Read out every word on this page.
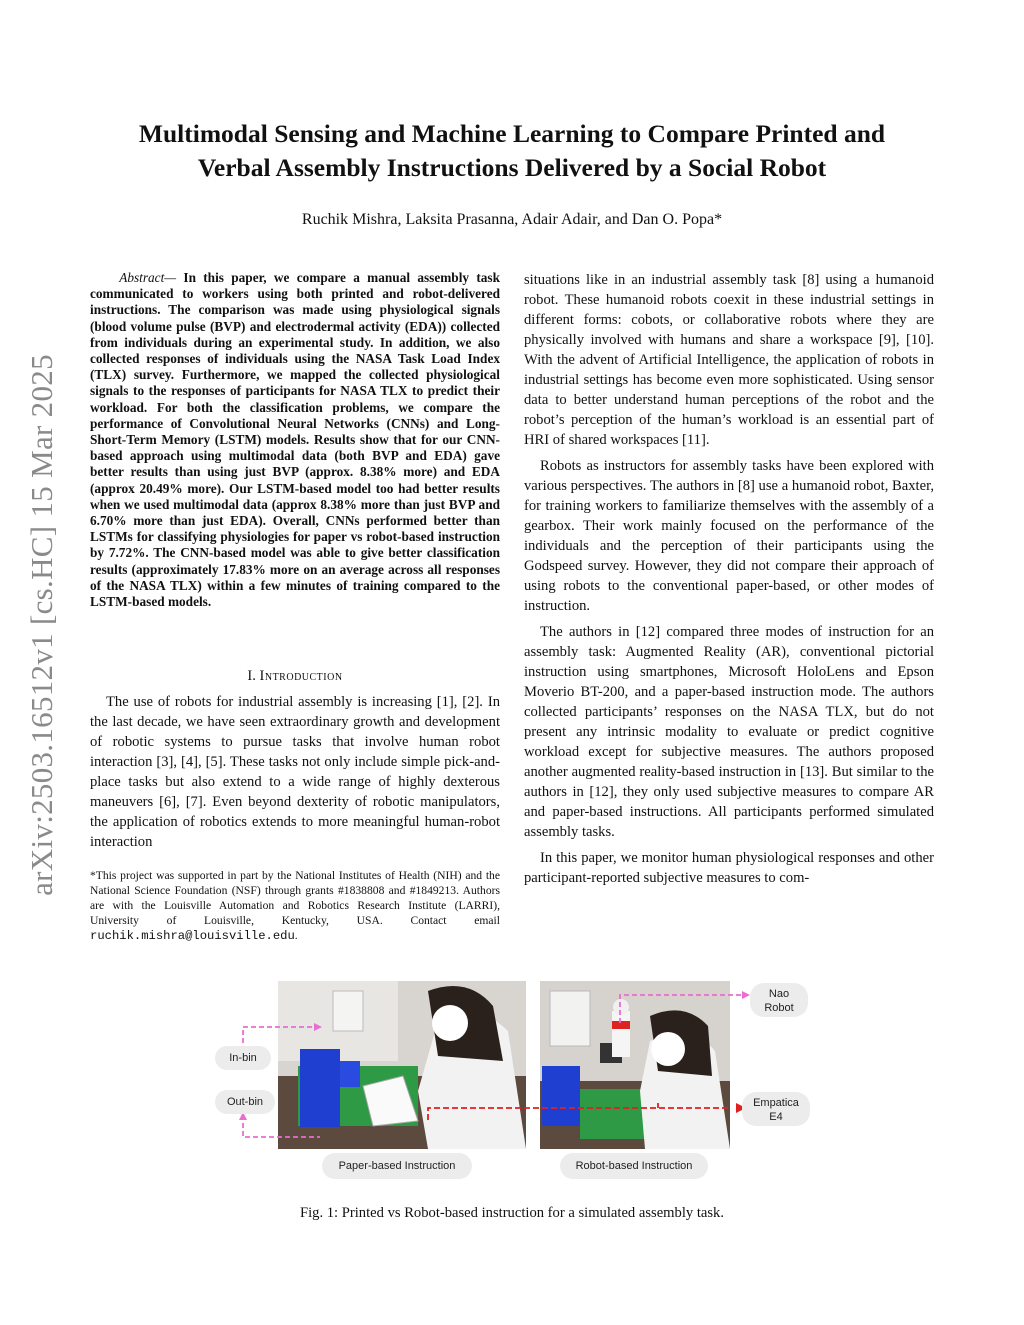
arXiv:2503.16512v1 [cs.HC] 15 Mar 2025
Multimodal Sensing and Machine Learning to Compare Printed and
Verbal Assembly Instructions Delivered by a Social Robot
Ruchik Mishra, Laksita Prasanna, Adair Adair, and Dan O. Popa*

Abstract— In this paper, we compare a manual assembly task communicated to workers using both printed and robot-delivered instructions. The comparison was made using physiological signals (blood volume pulse (BVP) and electrodermal activity (EDA)) collected from individuals during an experimental study. In addition, we also collected responses of individuals using the NASA Task Load Index (TLX) survey. Furthermore, we mapped the collected physiological signals to the responses of participants for NASA TLX to predict their workload. For both the classification problems, we compare the performance of Convolutional Neural Networks (CNNs) and Long-Short-Term Memory (LSTM) models. Results show that for our CNN-based approach using multimodal data (both BVP and EDA) gave better results than using just BVP (approx. 8.38% more) and EDA (approx 20.49% more). Our LSTM-based model too had better results when we used multimodal data (approx 8.38% more than just BVP and 6.70% more than just EDA). Overall, CNNs performed better than LSTMs for classifying physiologies for paper vs robot-based instruction by 7.72%. The CNN-based model was able to give better classification results (approximately 17.83% more on an average across all responses of the NASA TLX) within a few minutes of training compared to the LSTM-based models.

I. Introduction

The use of robots for industrial assembly is increasing [1], [2]. In the last decade, we have seen extraordinary growth and development of robotic systems to pursue tasks that involve human robot interaction [3], [4], [5]. These tasks not only include simple pick-and-place tasks but also extend to a wide range of highly dexterous maneuvers [6], [7]. Even beyond dexterity of robotic manipulators, the application of robotics extends to more meaningful human-robot interaction

*This project was supported in part by the National Institutes of Health (NIH) and the National Science Foundation (NSF) through grants #1838808 and #1849213. Authors are with the Louisville Automation and Robotics Research Institute (LARRI), University of Louisville, Kentucky, USA. Contact email ruchik.mishra@louisville.edu.

situations like in an industrial assembly task [8] using a humanoid robot. These humanoid robots coexit in these industrial settings in different forms: cobots, or collaborative robots where they are physically involved with humans and share a workspace [9], [10]. With the advent of Artificial Intelligence, the application of robots in industrial settings has become even more sophisticated. Using sensor data to better understand human perceptions of the robot and the robot’s perception of the human’s workload is an essential part of HRI of shared workspaces [11].

Robots as instructors for assembly tasks have been explored with various perspectives. The authors in [8] use a humanoid robot, Baxter, for training workers to familiarize themselves with the assembly of a gearbox. Their work mainly focused on the performance of the individuals and the perception of their participants using the Godspeed survey. However, they did not compare their approach of using robots to the conventional paper-based, or other modes of instruction.

The authors in [12] compared three modes of instruction for an assembly task: Augmented Reality (AR), conventional pictorial instruction using smartphones, Microsoft HoloLens and Epson Moverio BT-200, and a paper-based instruction mode. The authors collected participants’ responses on the NASA TLX, but do not present any intrinsic modality to evaluate or predict cognitive workload except for subjective measures. The authors proposed another augmented reality-based instruction in [13]. But similar to the authors in [12], they only used subjective measures to compare AR and paper-based instructions. All participants performed simulated assembly tasks.

In this paper, we monitor human physiological responses and other participant-reported subjective measures to com-

In-bin
Out-bin
Nao
Robot
Empatica
E4
Paper-based Instruction	Robot-based Instruction
Fig. 1: Printed vs Robot-based instruction for a simulated assembly task.
